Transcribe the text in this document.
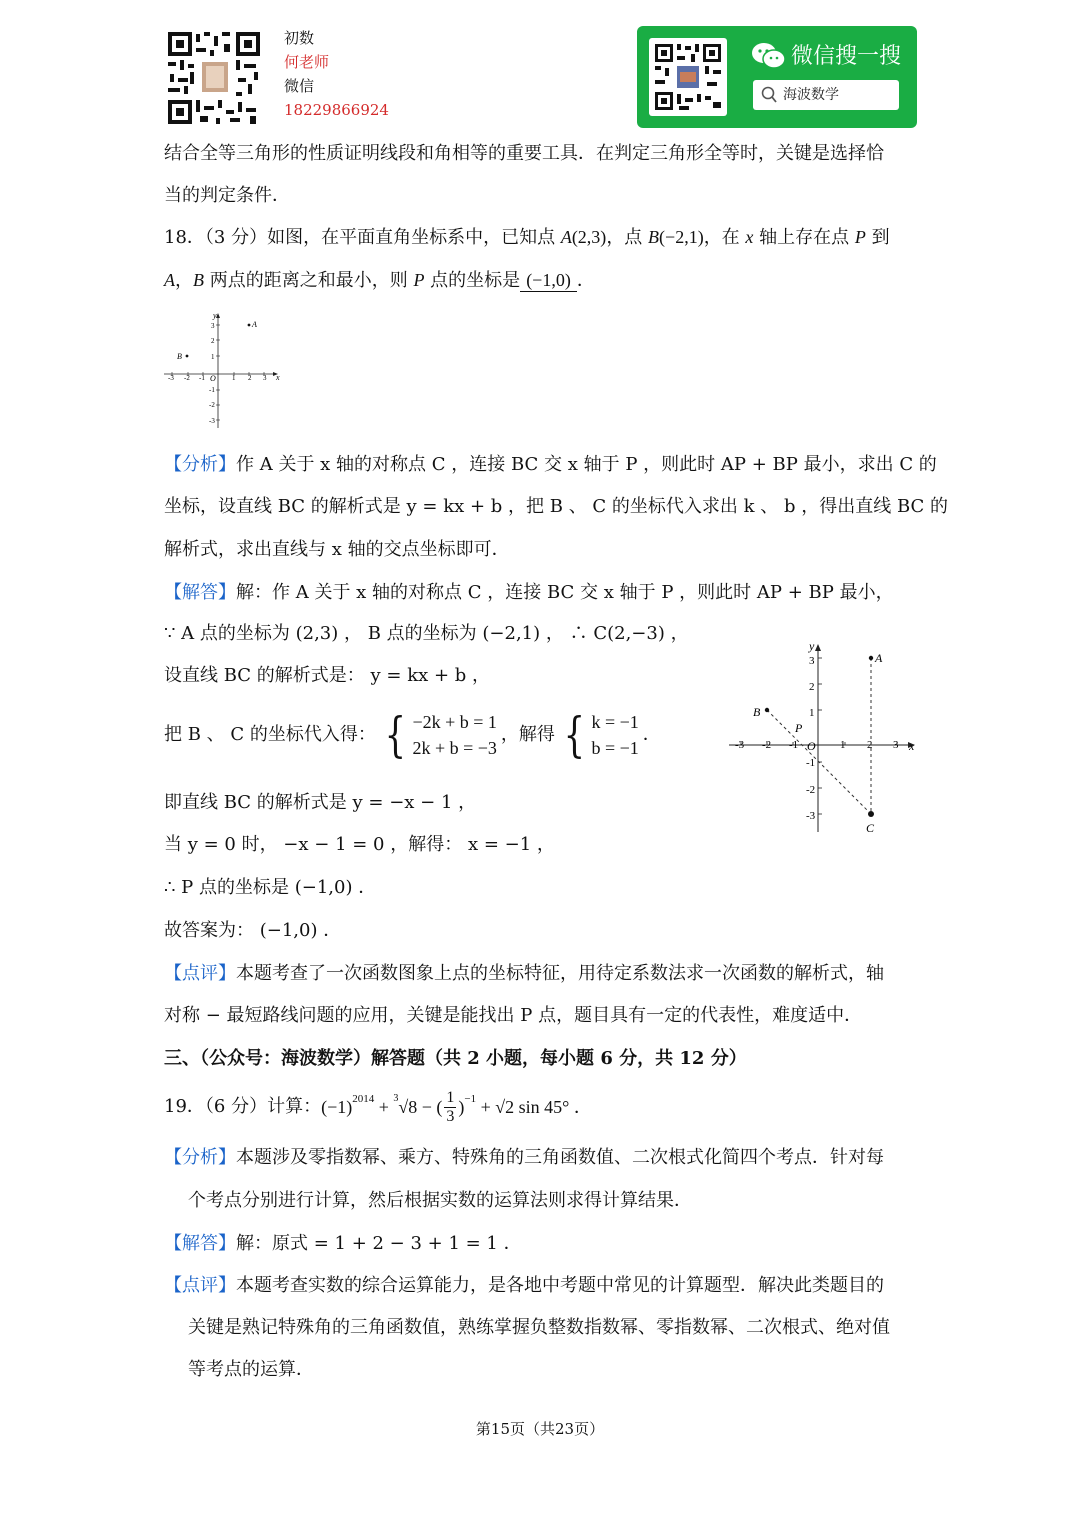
初数
何老师
微信
18229866924
微信搜一搜
海波数学
结合全等三角形的性质证明线段和角相等的重要工具．在判定三角形全等时，关键是选择恰
当的判定条件．
18．（3 分）如图，在平面直角坐标系中，已知点 A(2,3)，点 B(−2,1)，在 x 轴上存在点 P 到
A，B 两点的距离之和最小，则 P 点的坐标是 (−1,0) ．
x
y
O
-3 -2 -1	1 2 3
3
2
1
-1
-2
-3
A
B
【分析】作 A 关于 x 轴的对称点 C ，连接 BC 交 x 轴于 P ，则此时 AP + BP 最小，求出 C 的
坐标，设直线 BC 的解析式是 y = kx + b ，把 B 、 C 的坐标代入求出 k 、 b ，得出直线 BC 的
解析式，求出直线与 x 轴的交点坐标即可．
【解答】解：作 A 关于 x 轴的对称点 C ，连接 BC 交 x 轴于 P ，则此时 AP + BP 最小，
∵ A 点的坐标为 (2,3) ， B 点的坐标为 (−2,1) ， ∴ C(2,−3) ，
设直线 BC 的解析式是： y = kx + b ，
把 B 、 C 的坐标代入得： { −2k + b = 1
2k + b = −3
，解得 { k = −1
b = −1
．
即直线 BC 的解析式是 y = −x − 1 ，
当 y = 0 时， −x − 1 = 0 ，解得： x = −1 ，
∴ P 点的坐标是 (−1,0) ．
故答案为： (−1,0) ．
x
y
O
-3 -2 -1	1 2 3
3
2
1
-1
-2
-3
A
B
C
P
【点评】本题考查了一次函数图象上点的坐标特征，用待定系数法求一次函数的解析式，轴
对称 − 最短路线问题的应用，关键是能找出 P 点，题目具有一定的代表性，难度适中．
三、（公众号：海波数学）解答题（共 2 小题，每小题 6 分，共 12 分）
19．（6 分）计算： $(-1)^{2014} + ^3$ √8 − ( $\frac{1}{3} )^{-1} + √2$ sin 45° ．
【分析】本题涉及零指数幂、乘方、特殊角的三角函数值、二次根式化简四个考点．针对每
个考点分别进行计算，然后根据实数的运算法则求得计算结果．
【解答】解：原式 = 1 + 2 − 3 + 1 = 1 ．
【点评】本题考查实数的综合运算能力，是各地中考题中常见的计算题型．解决此类题目的
关键是熟记特殊角的三角函数值，熟练掌握负整数指数幂、零指数幂、二次根式、绝对值
等考点的运算．
第15页（共23页）
